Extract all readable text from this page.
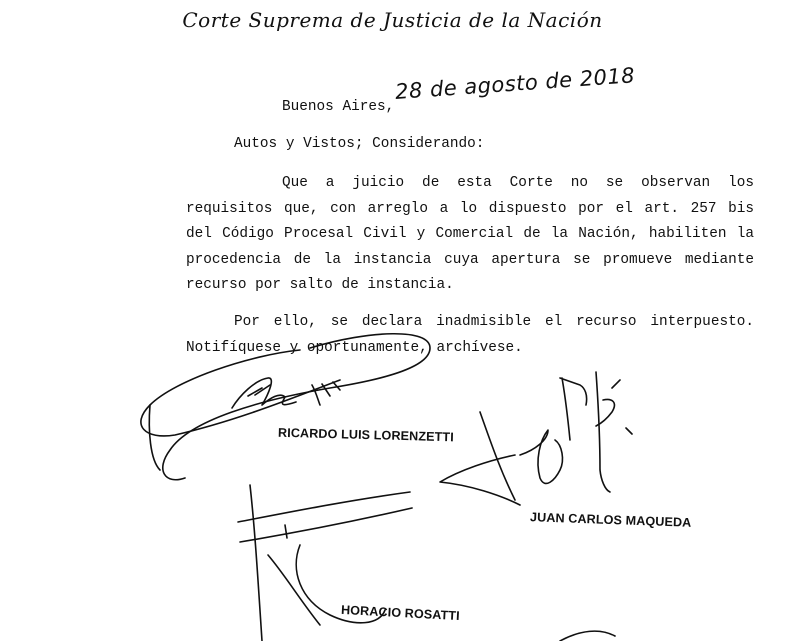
Corte Suprema de Justicia de la Nación
Buenos Aires,
28 de agosto de 2018
Autos y Vistos; Considerando:
Que a juicio de esta Corte no se observan los requisitos que, con arreglo a lo dispuesto por el art. 257 bis del Código Procesal Civil y Comercial de la Nación, habiliten la procedencia de la instancia cuya apertura se promueve mediante recurso por salto de instancia.
Por ello, se declara inadmisible el recurso interpuesto. Notifíquese y oportunamente, archívese.
RICARDO LUIS LORENZETTI
JUAN CARLOS MAQUEDA
HORACIO ROSATTI
